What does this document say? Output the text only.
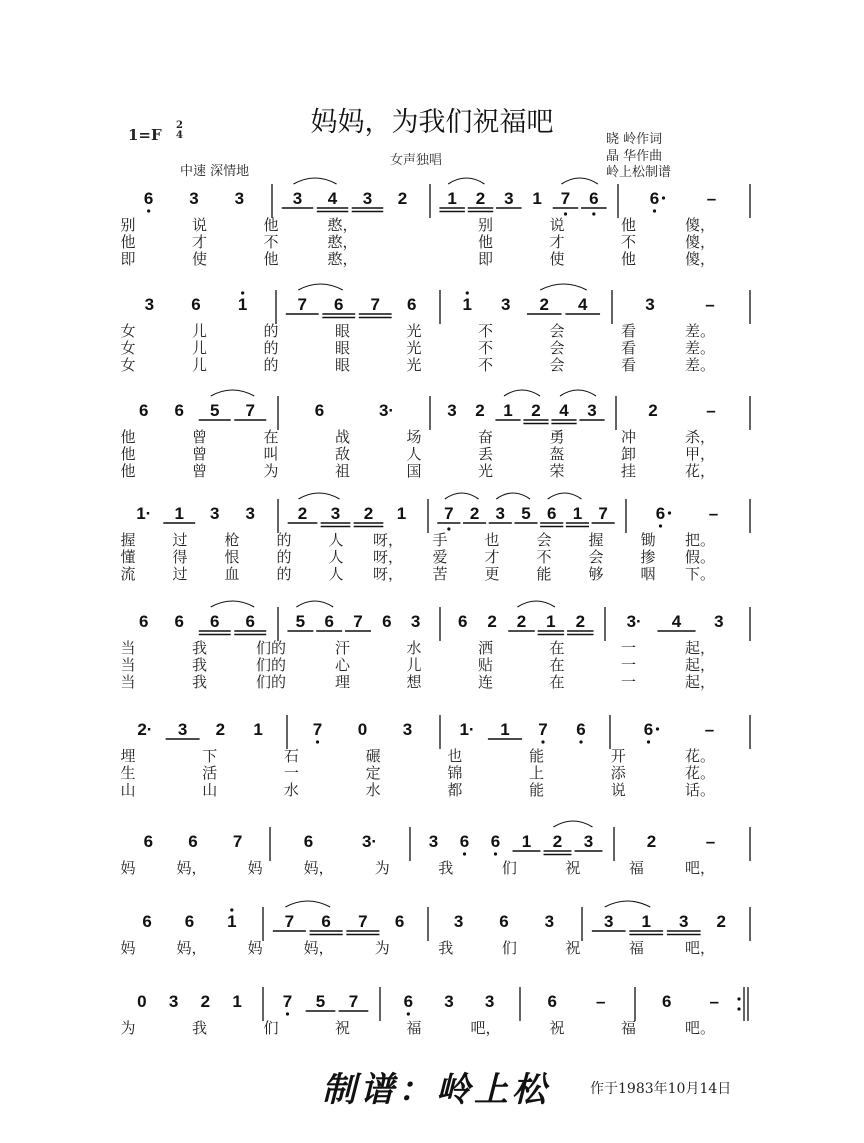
妈妈，为我们祝福吧
1=F
2
4
中速 深情地
女声独唱
晓 岭作词
晶 华作曲
岭上松制谱
6 3 3	3 4 3 2 1 2 3 1 7 6	6	–
别	说	他	憨，	别	说	他	傻，
他	才	不	憨，	他	才	不	傻，
即	使	他	憨，	即	使	他	傻，
3 6 1	7 6 7 6	1 3 2 4	3	–
女	儿	的	眼	光	不	会	看	差。
女	儿	的	眼	光	不	会	看	差。
女	儿	的	眼	光	不	会	看	差。
6 6 5 7	6	3·	3 2 1 2 4 3	2	–
他	曾	在	战	场	奋	勇	冲	杀，
他	曾	叫	敌	人	丢	盔	卸	甲，
他	曾	为	祖	国	光	荣	挂	花，
1· 1 3 3	2 3 2 1 7 2 3 5 6 1 7	6	–
握 过 枪 的 人 呀， 手 也 会 握 锄 把。
懂 得 恨 的 人 呀， 爱 才 不 会 掺 假。
流 过 血 的 人 呀， 苦 更 能 够 咽 下。
6 6 6 6 5 6 7 6 3 6 2 2 1 2 3· 4 3
当	我	们的	汗	水	洒	在	一	起，
当	我	们的	心	儿	贴	在	一	起，
当	我	们的	理	想	连	在	一	起，
2· 3 2 1	7 0 3	1· 1 7 6	6	–
埋	下	石	碾	也	能	开	花。
生	活	一	定	锦	上	添	花。
山	山	水	水	都	能	说	话。
6 6 7	6	3·	3 6 6 1 2 3	2	–
妈	妈，	妈	妈，	为	我	们	祝	福	吧，
6 6 1	7 6 7 6	3 6 3	3 1 3 2
妈	妈，	妈	妈，	为	我	们	祝	福	吧，
0 3 2 1 7 5 7	6 3 3	6 –	6 –
为	我	们	祝	福	吧，	祝	福	吧。
制谱：岭上松	作于1983年10月14日
